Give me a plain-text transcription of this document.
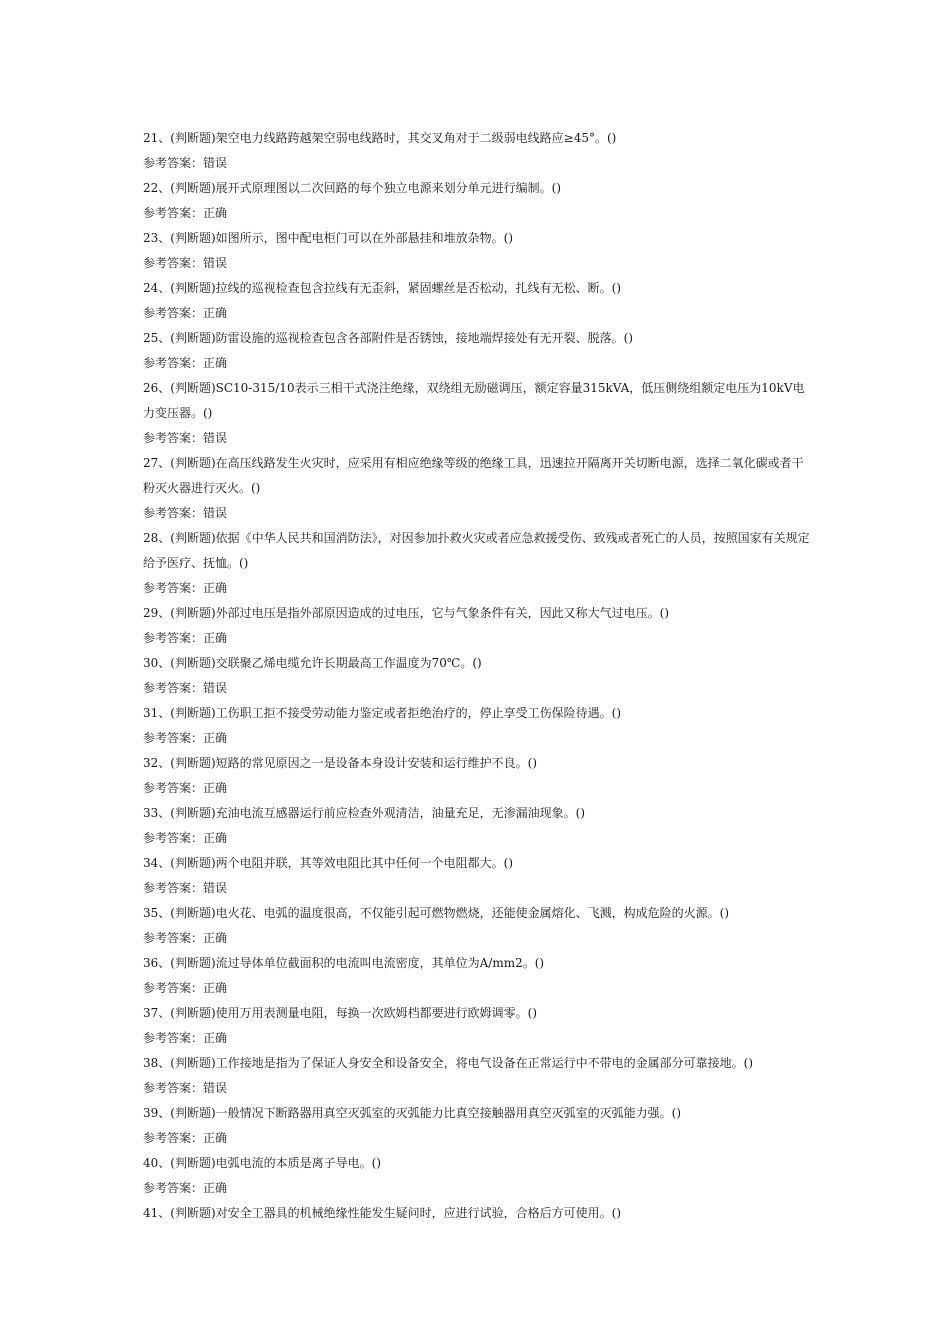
21、(判断题)架空电力线路跨越架空弱电线路时，其交叉角对于二级弱电线路应≥45°。()

参考答案：错误

22、(判断题)展开式原理图以二次回路的每个独立电源来划分单元进行编制。()

参考答案：正确

23、(判断题)如图所示，图中配电柜门可以在外部悬挂和堆放杂物。()

参考答案：错误

24、(判断题)拉线的巡视检查包含拉线有无歪斜，紧固螺丝是否松动，扎线有无松、断。()

参考答案：正确

25、(判断题)防雷设施的巡视检查包含各部附件是否锈蚀，接地端焊接处有无开裂、脱落。()

参考答案：正确

26、(判断题)SC10-315/10表示三相干式浇注绝缘，双绕组无励磁调压，额定容量315kVA，低压侧绕组额定电压为10kV电力变压器。()

参考答案：错误

27、(判断题)在高压线路发生火灾时，应采用有相应绝缘等级的绝缘工具，迅速拉开隔离开关切断电源，选择二氧化碳或者干粉灭火器进行灭火。()

参考答案：错误

28、(判断题)依据《中华人民共和国消防法》，对因参加扑救火灾或者应急救援受伤、致残或者死亡的人员，按照国家有关规定给予医疗、抚恤。()

参考答案：正确

29、(判断题)外部过电压是指外部原因造成的过电压，它与气象条件有关，因此又称大气过电压。()

参考答案：正确

30、(判断题)交联聚乙烯电缆允许长期最高工作温度为70℃。()

参考答案：错误

31、(判断题)工伤职工拒不接受劳动能力鉴定或者拒绝治疗的，停止享受工伤保险待遇。()

参考答案：正确

32、(判断题)短路的常见原因之一是设备本身设计安装和运行维护不良。()

参考答案：正确

33、(判断题)充油电流互感器运行前应检查外观清洁，油量充足，无渗漏油现象。()

参考答案：正确

34、(判断题)两个电阻并联，其等效电阻比其中任何一个电阻都大。()

参考答案：错误

35、(判断题)电火花、电弧的温度很高，不仅能引起可燃物燃烧，还能使金属熔化、飞溅，构成危险的火源。()

参考答案：正确

36、(判断题)流过导体单位截面积的电流叫电流密度，其单位为A/mm2。()

参考答案：正确

37、(判断题)使用万用表测量电阻，每换一次欧姆档都要进行欧姆调零。()

参考答案：正确

38、(判断题)工作接地是指为了保证人身安全和设备安全，将电气设备在正常运行中不带电的金属部分可靠接地。()

参考答案：错误

39、(判断题)一般情况下断路器用真空灭弧室的灭弧能力比真空接触器用真空灭弧室的灭弧能力强。()

参考答案：正确

40、(判断题)电弧电流的本质是离子导电。()

参考答案：正确

41、(判断题)对安全工器具的机械绝缘性能发生疑问时，应进行试验，合格后方可使用。()
